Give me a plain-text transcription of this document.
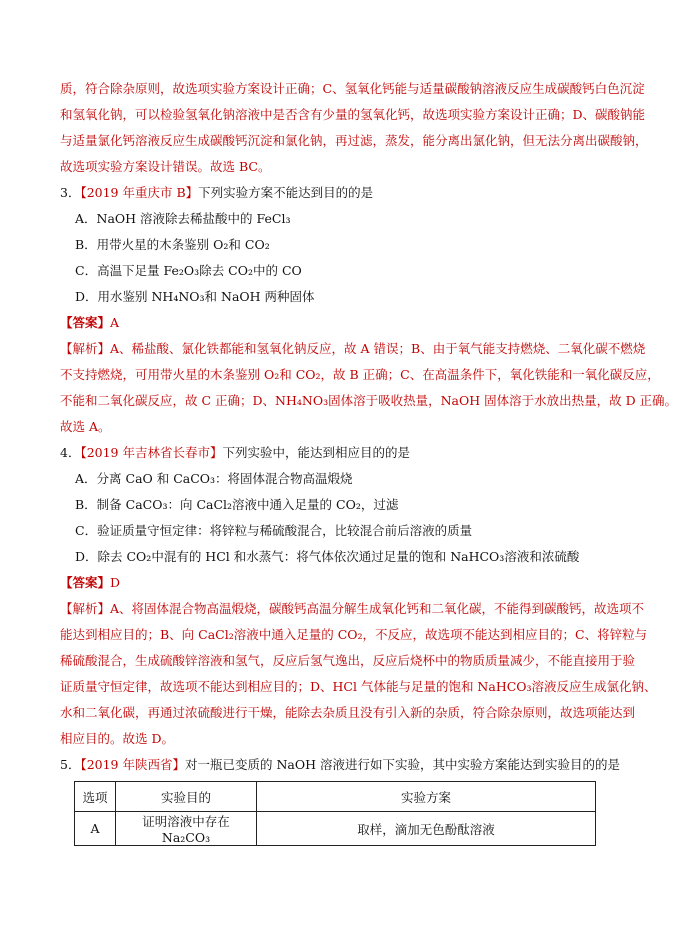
质，符合除杂原则，故选项实验方案设计正确；C、氢氧化钙能与适量碳酸钠溶液反应生成碳酸钙白色沉淀
和氢氧化钠，可以检验氢氧化钠溶液中是否含有少量的氢氧化钙，故选项实验方案设计正确；D、碳酸钠能
与适量氯化钙溶液反应生成碳酸钙沉淀和氯化钠，再过滤，蒸发，能分离出氯化钠，但无法分离出碳酸钠，
故选项实验方案设计错误。故选 BC。
3．【2019 年重庆市 B】下列实验方案不能达到目的的是
A．NaOH 溶液除去稀盐酸中的 FeCl₃
B．用带火星的木条鉴别 O₂和 CO₂
C．高温下足量 Fe₂O₃除去 CO₂中的 CO
D．用水鉴别 NH₄NO₃和 NaOH 两种固体
【答案】A
【解析】A、稀盐酸、氯化铁都能和氢氧化钠反应，故 A 错误；B、由于氧气能支持燃烧、二氧化碳不燃烧
不支持燃烧，可用带火星的木条鉴别 O₂和 CO₂，故 B 正确；C、在高温条件下，氧化铁能和一氧化碳反应，
不能和二氧化碳反应，故 C 正确；D、NH₄NO₃固体溶于吸收热量，NaOH 固体溶于水放出热量，故 D 正确。
故选 A。
4．【2019 年吉林省长春市】下列实验中，能达到相应目的的是
A．分离 CaO 和 CaCO₃：将固体混合物高温煅烧
B．制备 CaCO₃：向 CaCl₂溶液中通入足量的 CO₂，过滤
C．验证质量守恒定律：将锌粒与稀硫酸混合，比较混合前后溶液的质量
D．除去 CO₂中混有的 HCl 和水蒸气：将气体依次通过足量的饱和 NaHCO₃溶液和浓硫酸
【答案】D
【解析】A、将固体混合物高温煅烧，碳酸钙高温分解生成氧化钙和二氧化碳，不能得到碳酸钙，故选项不
能达到相应目的；B、向 CaCl₂溶液中通入足量的 CO₂，不反应，故选项不能达到相应目的；C、将锌粒与
稀硫酸混合，生成硫酸锌溶液和氢气，反应后氢气逸出，反应后烧杯中的物质质量减少，不能直接用于验
证质量守恒定律，故选项不能达到相应目的；D、HCl 气体能与足量的饱和 NaHCO₃溶液反应生成氯化钠、
水和二氧化碳，再通过浓硫酸进行干燥，能除去杂质且没有引入新的杂质，符合除杂原则，故选项能达到
相应目的。故选 D。
5．【2019 年陕西省】对一瓶已变质的 NaOH 溶液进行如下实验，其中实验方案能达到实验目的的是
选项	实验目的	实验方案
A	证明溶液中存在 Na₂CO₃	取样，滴加无色酚酞溶液
